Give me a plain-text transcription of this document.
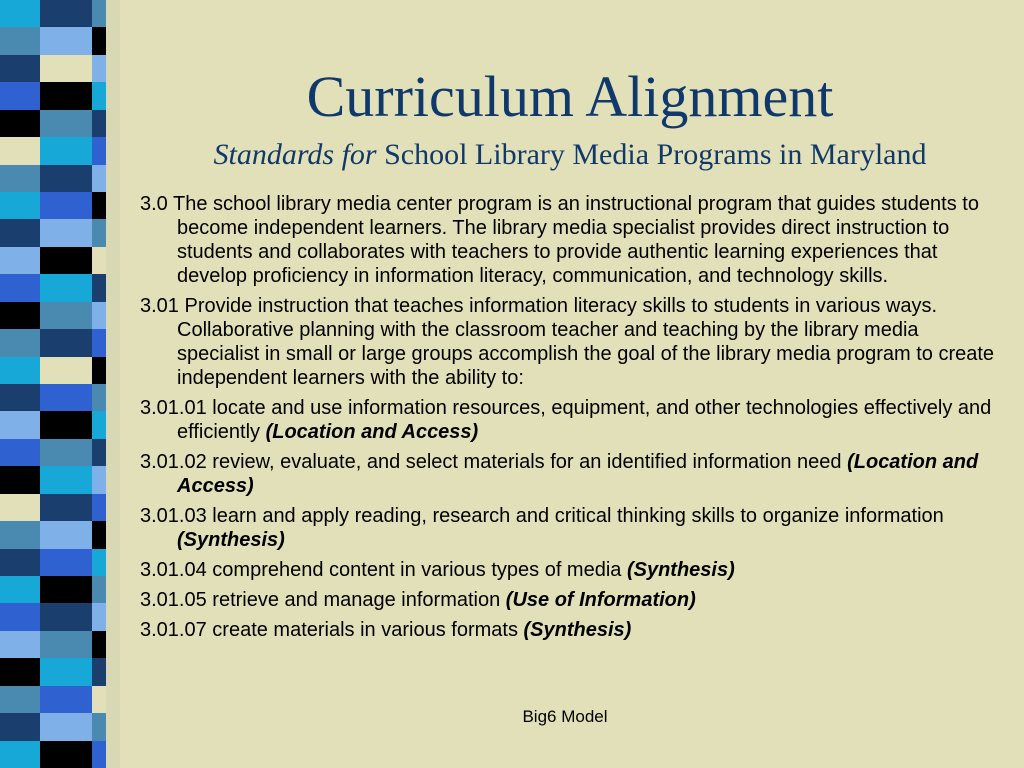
Curriculum Alignment
Standards for School Library Media Programs in Maryland
3.0 The school library media center program is an instructional program that guides students to become independent learners. The library media specialist provides direct instruction to students and collaborates with teachers to provide authentic learning experiences that develop proficiency in information literacy, communication, and technology skills.
3.01 Provide instruction that teaches information literacy skills to students in various ways. Collaborative planning with the classroom teacher and teaching by the library media specialist in small or large groups accomplish the goal of the library media program to create independent learners with the ability to:
3.01.01 locate and use information resources, equipment, and other technologies effectively and efficiently (Location and Access)
3.01.02 review, evaluate, and select materials for an identified information need (Location and Access)
3.01.03 learn and apply reading, research and critical thinking skills to organize information (Synthesis)
3.01.04 comprehend content in various types of media (Synthesis)
3.01.05 retrieve and manage information (Use of Information)
3.01.07 create materials in various formats (Synthesis)
Big6 Model
